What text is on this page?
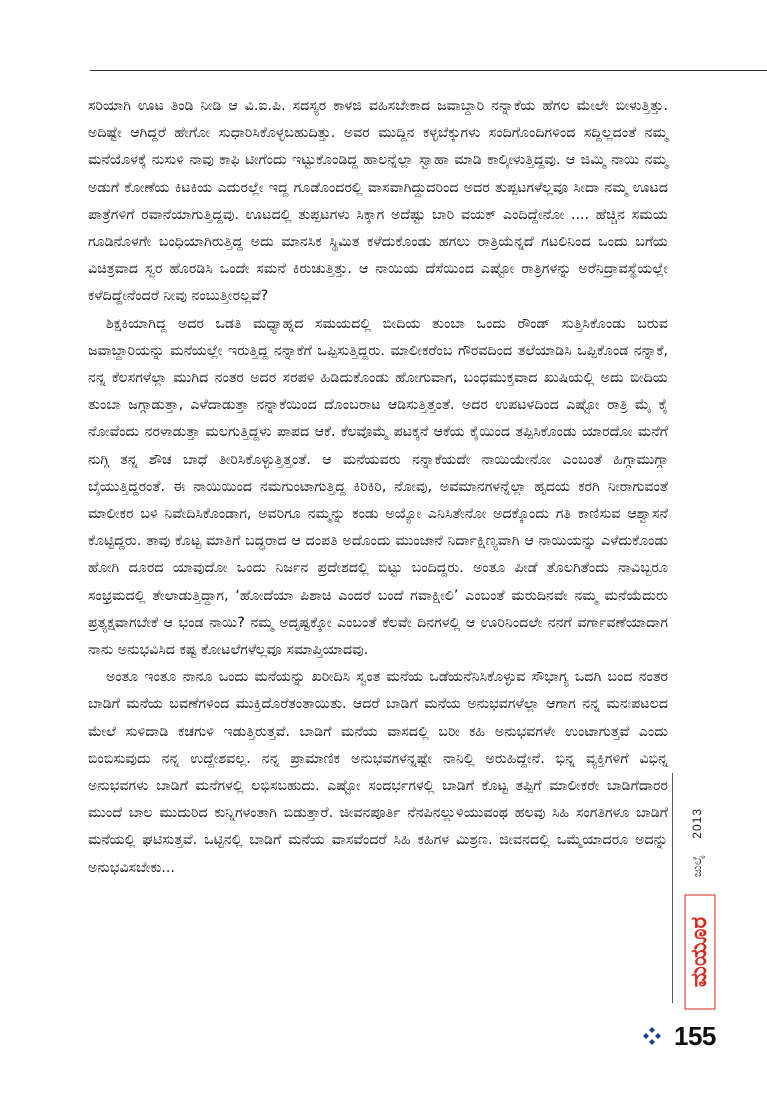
ಸರಿಯಾಗಿ ಊಟ ತಿಂಡಿ ನೀಡಿ ಆ ವಿ.ಐ.ಪಿ. ಸದಸ್ಯರ ಕಾಳಜಿ ವಹಿಸಬೇಕಾದ ಜವಾಬ್ದಾರಿ ನನ್ನಾಕೆಯ ಹೆಗಲ ಮೇಲೇ ಬೀಳುತ್ತಿತ್ತು. ಅದಿಷ್ಟೇ ಆಗಿದ್ದರೆ ಹೇಗೋ ಸುಧಾರಿಸಿಕೊಳ್ಳಬಹುದಿತ್ತು. ಅವರ ಮುದ್ದಿನ ಕಳ್ಳಬೆಕ್ಕುಗಳು ಸಂದಿಗೊಂದಿಗಳಿಂದ ಸದ್ದಿಲ್ಲದಂತೆ ನಮ್ಮ ಮನೆಯೊಳಕ್ಕೆ ನುಸುಳಿ ನಾವು ಕಾಫಿ ಟೀಗೆಂದು ಇಟ್ಟುಕೊಂಡಿದ್ದ ಹಾಲನ್ನೆಲ್ಲಾ ಸ್ವಾಹಾ ಮಾಡಿ ಕಾಲ್ಕೀಳುತ್ತಿದ್ದವು. ಆ ಜಿಮ್ಮಿ ನಾಯಿ ನಮ್ಮ ಅಡುಗೆ ಕೋಣೆಯ ಕಿಟಕಿಯ ಎದುರಲ್ಲೇ ಇದ್ದ ಗೂಡೊಂದರಲ್ಲಿ ವಾಸವಾಗಿದ್ದುದರಿಂದ ಅದರ ತುಪ್ಪಟಗಳೆಲ್ಲವೂ ಸೀದಾ ನಮ್ಮ ಊಟದ ಪಾತ್ರೆಗಳಿಗೆ ರವಾನೆಯಾಗುತ್ತಿದ್ದವು. ಊಟದಲ್ಲಿ ತುಪ್ಪಟಗಳು ಸಿಕ್ಕಾಗ ಅದೆಷ್ಟು ಬಾರಿ ವಯಕ್ ಎಂದಿದ್ದೇನೋ .... ಹೆಚ್ಚಿನ ಸಮಯ ಗೂಡಿನೊಳಗೇ ಬಂಧಿಯಾಗಿರುತ್ತಿದ್ದ ಅದು ಮಾನಸಿಕ ಸ್ಥಿಮಿತ ಕಳೆದುಕೊಂಡು ಹಗಲು ರಾತ್ರಿಯೆನ್ನದೆ ಗಟಲಿನಿಂದ ಒಂದು ಬಗೆಯ ವಿಚಿತ್ರವಾದ ಸ್ವರ ಹೊರಡಿಸಿ ಒಂದೇ ಸಮನೆ ಕಿರುಚುತ್ತಿತ್ತು. ಆ ನಾಯಿಯ ದೆಸೆಯಿಂದ ಎಷ್ಟೋ ರಾತ್ರಿಗಳನ್ನು ಅರೆನಿದ್ರಾವಸ್ಥೆಯಲ್ಲೇ ಕಳೆದಿದ್ದೇನೆಂದರೆ ನೀವು ನಂಬುತ್ತೀರಲ್ಲವೆ?

ಶಿಕ್ಷಕಿಯಾಗಿದ್ದ ಅದರ ಒಡತಿ ಮಧ್ಯಾಹ್ನದ ಸಮಯದಲ್ಲಿ ಬೀದಿಯ ತುಂಬಾ ಒಂದು ರೌಂಡ್ ಸುತ್ತಿಸಿಕೊಂಡು ಬರುವ ಜವಾಬ್ದಾರಿಯನ್ನು ಮನೆಯಲ್ಲೇ ಇರುತ್ತಿದ್ದ ನನ್ನಾಕೆಗೆ ಒಪ್ಪಿಸುತ್ತಿದ್ದರು. ಮಾಲೀಕರೆಂಬ ಗೌರವದಿಂದ ತಲೆಯಾಡಿಸಿ ಒಪ್ಪಿಕೊಂಡ ನನ್ನಾಕೆ, ನನ್ನ ಕೆಲಸಗಳೆಲ್ಲಾ ಮುಗಿದ ನಂತರ ಅದರ ಸರಪಳಿ ಹಿಡಿದುಕೊಂಡು ಹೋಗುವಾಗ, ಬಂಧಮುಕ್ತವಾದ ಖುಷಿಯಲ್ಲಿ ಅದು ಬೀದಿಯ ತುಂಬಾ ಜಗ್ಗಾಡುತ್ತಾ, ಎಳೆದಾಡುತ್ತಾ ನನ್ನಾಕೆಯಿಂದ ದೊಂಬರಾಟ ಆಡಿಸುತ್ತಿತ್ತಂತೆ. ಅದರ ಉಪಟಳದಿಂದ ಎಷ್ಟೋ ರಾತ್ರಿ ಮೈ ಕೈ ನೋವೆಂದು ನರಳಾಡುತ್ತಾ ಮಲಗುತ್ತಿದ್ದಳು ಪಾಪದ ಆಕೆ. ಕೆಲವೊಮ್ಮೆ ಪಟಕ್ಕನೆ ಆಕೆಯ ಕೈಯಿಂದ ತಪ್ಪಿಸಿಕೊಂಡು ಯಾರದೋ ಮನೆಗೆ ನುಗ್ಗಿ ತನ್ನ ಶೌಚ ಬಾಧೆ ತೀರಿಸಿಕೊಳ್ಳುತ್ತಿತ್ತಂತೆ. ಆ ಮನೆಯವರು ನನ್ನಾಕೆಯದೇ ನಾಯಿಯೇನೋ ಎಂಬಂತೆ ಹಿಗ್ಗಾಮುಗ್ಗಾ ಬೈಯುತ್ತಿದ್ದರಂತೆ. ಈ ನಾಯಿಯಿಂದ ನಮಗುಂಟಾಗುತ್ತಿದ್ದ ಕಿರಿಕಿರಿ, ನೋವು, ಅವಮಾನಗಳನ್ನೆಲ್ಲಾ ಹೃದಯ ಕರಗಿ ನೀರಾಗುವಂತೆ ಮಾಲೀಕರ ಬಳಿ ನಿವೇದಿಸಿಕೊಂಡಾಗ, ಅವರಿಗೂ ನಮ್ಮನ್ನು ಕಂಡು ಅಯ್ಯೋ ಎನಿಸಿತೇನೋ ಅದಕ್ಕೊಂದು ಗತಿ ಕಾಣಿಸುವ ಆಶ್ವಾಸನೆ ಕೊಟ್ಟಿದ್ದರು. ತಾವು ಕೊಟ್ಟ ಮಾತಿಗೆ ಬದ್ಧರಾದ ಆ ದಂಪತಿ ಅದೊಂದು ಮುಂಜಾನೆ ನಿರ್ದಾಕ್ಷಿಣ್ಯವಾಗಿ ಆ ನಾಯಿಯನ್ನು ಎಳೆದುಕೊಂಡು ಹೋಗಿ ದೂರದ ಯಾವುದೋ ಒಂದು ನಿರ್ಜನ ಪ್ರದೇಶದಲ್ಲಿ ಬಿಟ್ಟು ಬಂದಿದ್ದರು. ಅಂತೂ ಪೀಡೆ ತೊಲಗಿತೆಂದು ನಾವಿಬ್ಬರೂ ಸಂಭ್ರಮದಲ್ಲಿ ತೇಲಾಡುತ್ತಿದ್ದಾಗ, ‘ಹೋದೆಯಾ ಪಿಶಾಚಿ ಎಂದರೆ ಬಂದೆ ಗವಾಕ್ಷೀಲಿ’ ಎಂಬಂತೆ ಮರುದಿನವೇ ನಮ್ಮ ಮನೆಯೆದುರು ಪ್ರತ್ಯಕ್ಷವಾಗಬೇಕೆ ಆ ಭಂಡ ನಾಯಿ? ನಮ್ಮ ಅದೃಷ್ಟಕ್ಕೋ ಎಂಬಂತೆ ಕೆಲವೇ ದಿನಗಳಲ್ಲಿ ಆ ಊರಿನಿಂದಲೇ ನನಗೆ ವರ್ಗಾವಣೆಯಾದಾಗ ನಾನು ಅನುಭವಿಸಿದ ಕಷ್ಟ ಕೋಟಲೆಗಳೆಲ್ಲವೂ ಸಮಾಪ್ತಿಯಾದವು.

ಅಂತೂ ಇಂತೂ ನಾನೂ ಒಂದು ಮನೆಯನ್ನು ಖರೀದಿಸಿ ಸ್ವಂತ ಮನೆಯ ಒಡೆಯನೆನಿಸಿಕೊಳ್ಳುವ ಸೌಭಾಗ್ಯ ಒದಗಿ ಬಂದ ನಂತರ ಬಾಡಿಗೆ ಮನೆಯ ಬವಣೆಗಳಿಂದ ಮುಕ್ತಿದೊರೆತಂತಾಯಿತು. ಆದರೆ ಬಾಡಿಗೆ ಮನೆಯ ಅನುಭವಗಳೆಲ್ಲಾ ಆಗಾಗ ನನ್ನ ಮನಃಪಟಲದ ಮೇಲೆ ಸುಳಿದಾಡಿ ಕಚಗುಳಿ ಇಡುತ್ತಿರುತ್ತವೆ. ಬಾಡಿಗೆ ಮನೆಯ ವಾಸದಲ್ಲಿ ಬರೀ ಕಹಿ ಅನುಭವಗಳೇ ಉಂಟಾಗುತ್ತವೆ ಎಂದು ಬಿಂಬಿಸುವುದು ನನ್ನ ಉದ್ದೇಶವಲ್ಲ. ನನ್ನ ಪ್ರಾಮಾಣಿಕ ಅನುಭವಗಳನ್ನಷ್ಟೇ ನಾನಿಲ್ಲಿ ಅರುಹಿದ್ದೇನೆ. ಭಿನ್ನ ವ್ಯಕ್ತಿಗಳಿಗೆ ವಿಭಿನ್ನ ಅನುಭವಗಳು ಬಾಡಿಗೆ ಮನೆಗಳಲ್ಲಿ ಲಭಿಸಬಹುದು. ಎಷ್ಟೋ ಸಂದರ್ಭಗಳಲ್ಲಿ ಬಾಡಿಗೆ ಕೊಟ್ಟ ತಪ್ಪಿಗೆ ಮಾಲೀಕರೇ ಬಾಡಿಗೆದಾರರ ಮುಂದೆ ಬಾಲ ಮುದುರಿದ ಕುನ್ನಿಗಳಂತಾಗಿ ಬಿಡುತ್ತಾರೆ. ಜೀವನಪೂರ್ತಿ ನೆನಪಿನಲ್ಲುಳಿಯುವಂಥ ಹಲವು ಸಿಹಿ ಸಂಗತಿಗಳೂ ಬಾಡಿಗೆ ಮನೆಯಲ್ಲಿ ಘಟಿಸುತ್ತವೆ. ಒಟ್ಟಿನಲ್ಲಿ ಬಾಡಿಗೆ ಮನೆಯ ವಾಸವೆಂದರೆ ಸಿಹಿ ಕಹಿಗಳ ಮಿಶ್ರಣ. ಜೀವನದಲ್ಲಿ ಒಮ್ಮೆಯಾದರೂ ಅದನ್ನು ಅನುಭವಿಸಬೇಕು...

2013
ಜುಲೈ
ಮಯೂರ
155
